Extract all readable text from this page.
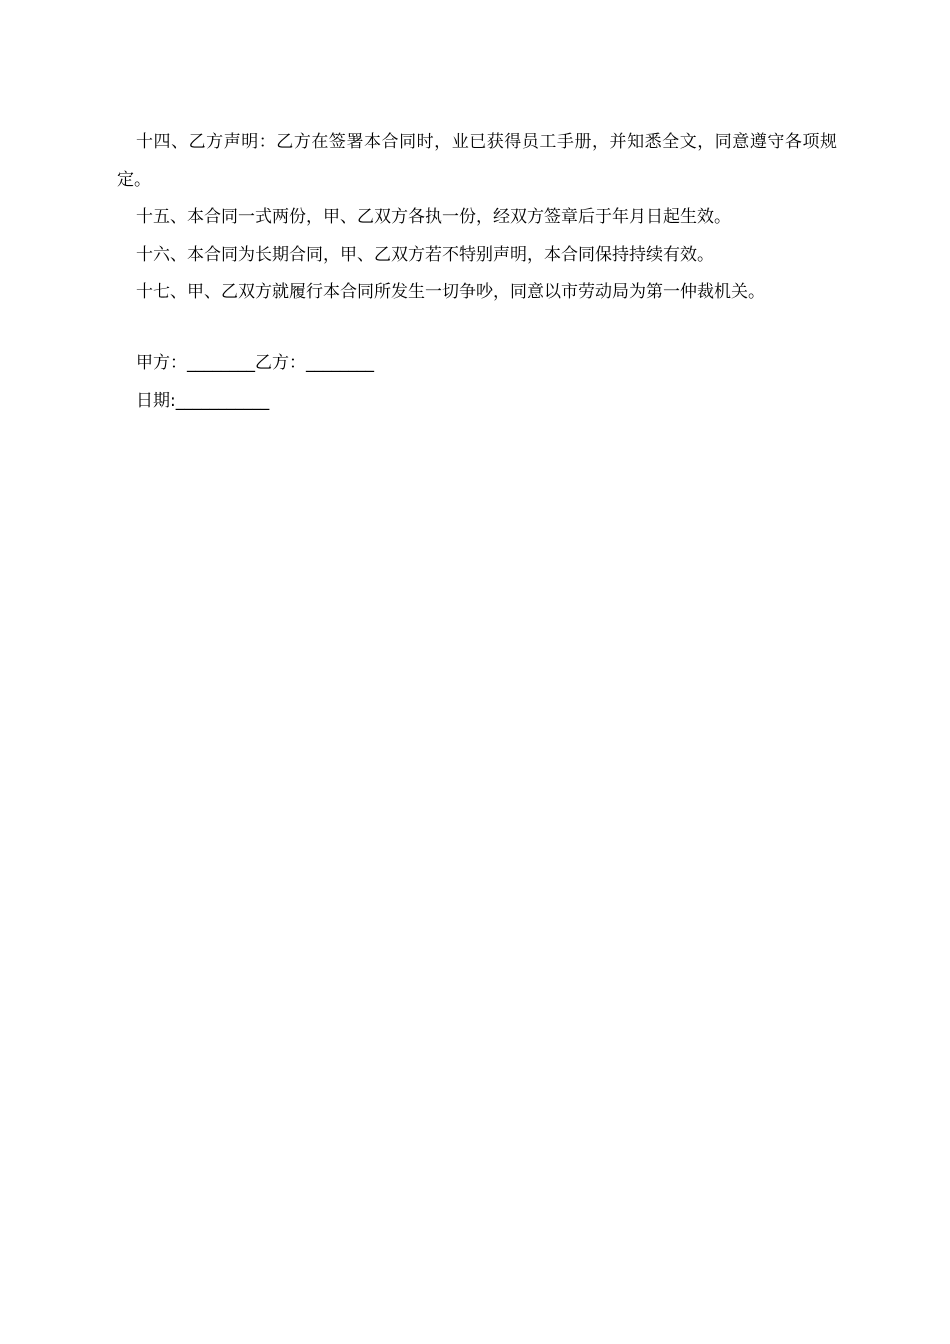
十四、乙方声明：乙方在签署本合同时，业已获得员工手册，并知悉全文，同意遵守各项规定。

十五、本合同一式两份，甲、乙双方各执一份，经双方签章后于年月日起生效。

十六、本合同为长期合同，甲、乙双方若不特别声明，本合同保持持续有效。

十七、甲、乙双方就履行本合同所发生一切争吵，同意以市劳动局为第一仲裁机关。

甲方：________乙方：________

日期:___________
